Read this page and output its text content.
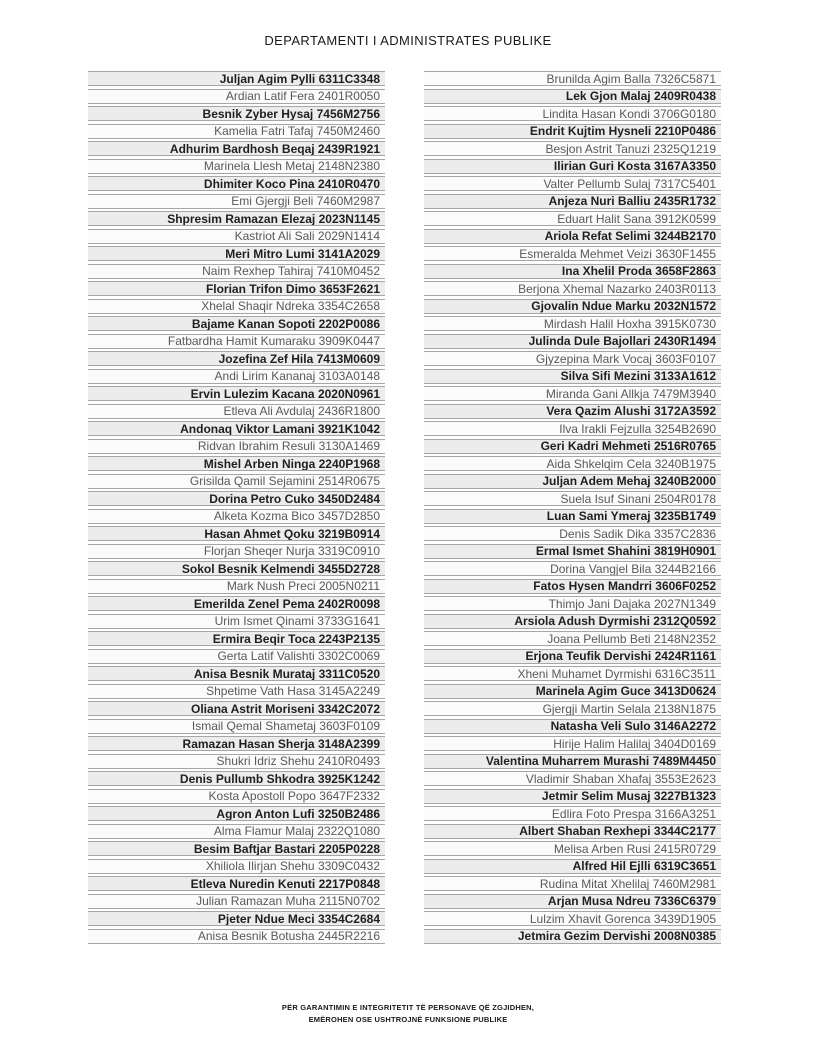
DEPARTAMENTI I ADMINISTRATES PUBLIKE
Juljan Agim Pylli 6311C3348
Ardian Latif Fera 2401R0050
Besnik Zyber Hysaj 7456M2756
Kamelia Fatri Tafaj 7450M2460
Adhurim Bardhosh Beqaj 2439R1921
Marinela Llesh Metaj 2148N2380
Dhimiter Koco Pina 2410R0470
Emi Gjergji Beli 7460M2987
Shpresim Ramazan Elezaj 2023N1145
Kastriot Ali Sali 2029N1414
Meri Mitro Lumi 3141A2029
Naim Rexhep Tahiraj 7410M0452
Florian Trifon Dimo 3653F2621
Xhelal Shaqir Ndreka 3354C2658
Bajame Kanan Sopoti 2202P0086
Fatbardha Hamit Kumaraku 3909K0447
Jozefina Zef Hila 7413M0609
Andi Lirim Kananaj 3103A0148
Ervin Lulezim Kacana 2020N0961
Etleva Ali Avdulaj 2436R1800
Andonaq Viktor Lamani 3921K1042
Ridvan Ibrahim Resuli 3130A1469
Mishel Arben Ninga 2240P1968
Grisilda Qamil Sejamini 2514R0675
Dorina Petro Cuko 3450D2484
Alketa Kozma Bico 3457D2850
Hasan Ahmet Qoku 3219B0914
Florjan Sheqer Nurja 3319C0910
Sokol Besnik Kelmendi 3455D2728
Mark Nush Preci 2005N0211
Emerilda Zenel Pema 2402R0098
Urim Ismet Qinami 3733G1641
Ermira Beqir Toca 2243P2135
Gerta Latif Valishti 3302C0069
Anisa Besnik Murataj 3311C0520
Shpetime Vath Hasa 3145A2249
Oliana Astrit Moriseni 3342C2072
Ismail Qemal Shametaj 3603F0109
Ramazan Hasan Sherja 3148A2399
Shukri Idriz Shehu 2410R0493
Denis Pullumb Shkodra 3925K1242
Kosta Apostoll Popo 3647F2332
Agron Anton Lufi 3250B2486
Alma Flamur Malaj 2322Q1080
Besim Baftjar Bastari 2205P0228
Xhiliola Ilirjan Shehu 3309C0432
Etleva Nuredin Kenuti 2217P0848
Julian Ramazan Muha 2115N0702
Pjeter Ndue Meci 3354C2684
Anisa Besnik Botusha 2445R2216
Brunilda Agim Balla 7326C5871
Lek Gjon Malaj 2409R0438
Lindita Hasan Kondi 3706G0180
Endrit Kujtim Hysneli 2210P0486
Besjon Astrit Tanuzi 2325Q1219
Ilirian Guri Kosta 3167A3350
Valter Pellumb Sulaj 7317C5401
Anjeza Nuri Balliu 2435R1732
Eduart Halit Sana 3912K0599
Ariola Refat Selimi 3244B2170
Esmeralda Mehmet Veizi 3630F1455
Ina Xhelil Proda 3658F2863
Berjona Xhemal Nazarko 2403R0113
Gjovalin Ndue Marku 2032N1572
Mirdash Halil Hoxha 3915K0730
Julinda Dule Bajollari 2430R1494
Gjyzepina Mark Vocaj 3603F0107
Silva Sifi Mezini 3133A1612
Miranda Gani Allkja 7479M3940
Vera Qazim Alushi 3172A3592
Ilva Irakli Fejzulla 3254B2690
Geri Kadri Mehmeti 2516R0765
Aida Shkelqim Cela 3240B1975
Juljan Adem Mehaj 3240B2000
Suela Isuf Sinani 2504R0178
Luan Sami Ymeraj 3235B1749
Denis Sadik Dika 3357C2836
Ermal Ismet Shahini 3819H0901
Dorina Vangjel Bila 3244B2166
Fatos Hysen Mandrri 3606F0252
Thimjo Jani Dajaka 2027N1349
Arsiola Adush Dyrmishi 2312Q0592
Joana Pellumb Beti 2148N2352
Erjona Teufik Dervishi 2424R1161
Xheni Muhamet Dyrmishi 6316C3511
Marinela Agim Guce 3413D0624
Gjergji Martin Selala 2138N1875
Natasha Veli Sulo 3146A2272
Hirije Halim Halilaj 3404D0169
Valentina Muharrem Murashi 7489M4450
Vladimir Shaban Xhafaj 3553E2623
Jetmir Selim Musaj 3227B1323
Edlira Foto Prespa 3166A3251
Albert Shaban Rexhepi 3344C2177
Melisa Arben Rusi 2415R0729
Alfred Hil Ejlli 6319C3651
Rudina Mitat Xhelilaj 7460M2981
Arjan Musa Ndreu 7336C6379
Lulzim Xhavit Gorenca 3439D1905
Jetmira Gezim Dervishi 2008N0385
PËR GARANTIMIN E INTEGRITETIT TË PERSONAVE QË ZGJIDHEN,
EMËROHEN OSE USHTROJNË FUNKSIONE PUBLIKE
